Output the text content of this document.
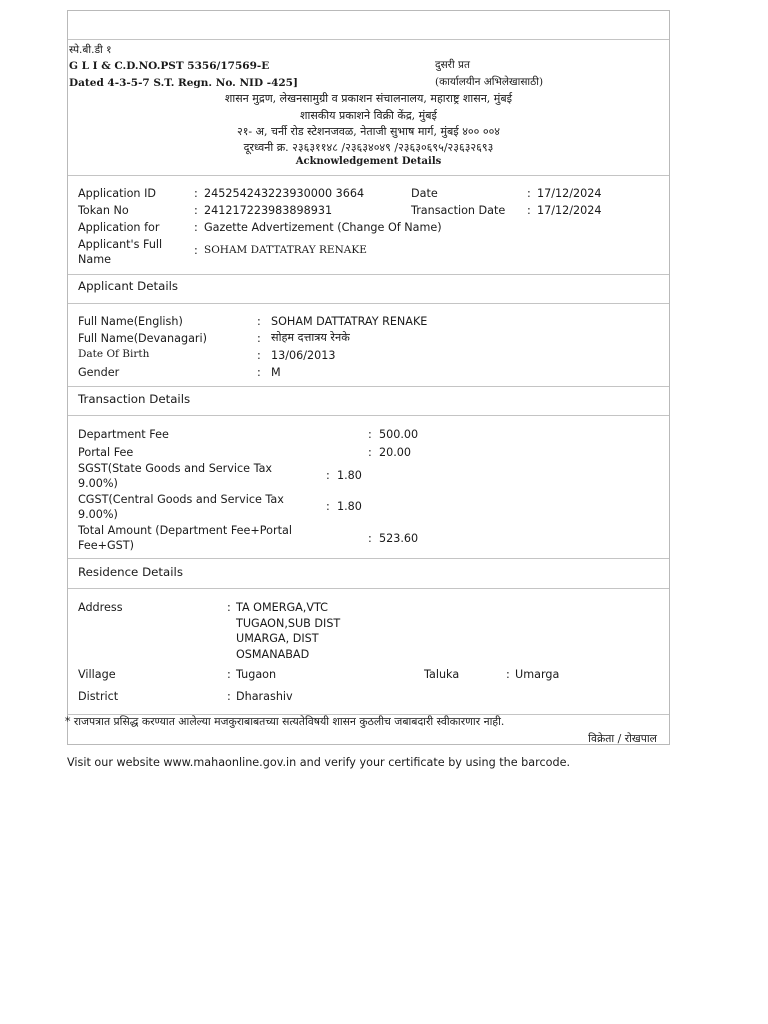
स्पे.बी.डी १
G L I & C.D.NO.PST 5356/17569-E
Dated 4-3-5-7 S.T. Regn. No. NID -425]
दुसरी प्रत
(कार्यालयीन अभिलेखासाठी)
शासन मुद्रण, लेखनसामुग्री व प्रकाशन संचालनालय, महाराष्ट्र शासन, मुंबई
शासकीय प्रकाशने विक्री केंद्र, मुंबई
२१- अ, चर्नी रोड स्टेशनजवळ, नेताजी सुभाष मार्ग, मुंबई ४०० ००४
दूरध्वनी क्र. २३६३११४८ /२३६३४०४९ /२३६३०६९५/२३६३२६९३
Acknowledgement Details
Application ID	: 245254243223930000 3664	Date	: 17/12/2024
Tokan No	: 241217223983898931	Transaction Date : 17/12/2024
Application for	: Gazette Advertizement (Change Of Name)
Applicant's Full Name
: SOHAM DATTATRAY RENAKE
Applicant Details
Full Name(English)	: SOHAM DATTATRAY RENAKE
Full Name(Devanagari)	: सोहम दत्तात्रय रेनके
Date Of Birth	: 13/06/2013
Gender	: M
Transaction Details
Department Fee	: 500.00
Portal Fee	: 20.00
SGST(State Goods and Service Tax 9.00%)
: 1.80
CGST(Central Goods and Service Tax 9.00%)
: 1.80
Total Amount (Department Fee+Portal Fee+GST)
: 523.60
Residence Details
Address	: TA OMERGA,VTC TUGAON,SUB DIST UMARGA, DIST OSMANABAD
Village	: Tugaon	Taluka	: Umarga
District	: Dharashiv
* राजपत्रात प्रसिद्ध करण्यात आलेल्या मजकुराबाबतच्या सत्यतेविषयी शासन कुठलीच जबाबदारी स्वीकारणार नाही.
विक्रेता / रोखपाल
Visit our website www.mahaonline.gov.in and verify your certificate by using the barcode.
